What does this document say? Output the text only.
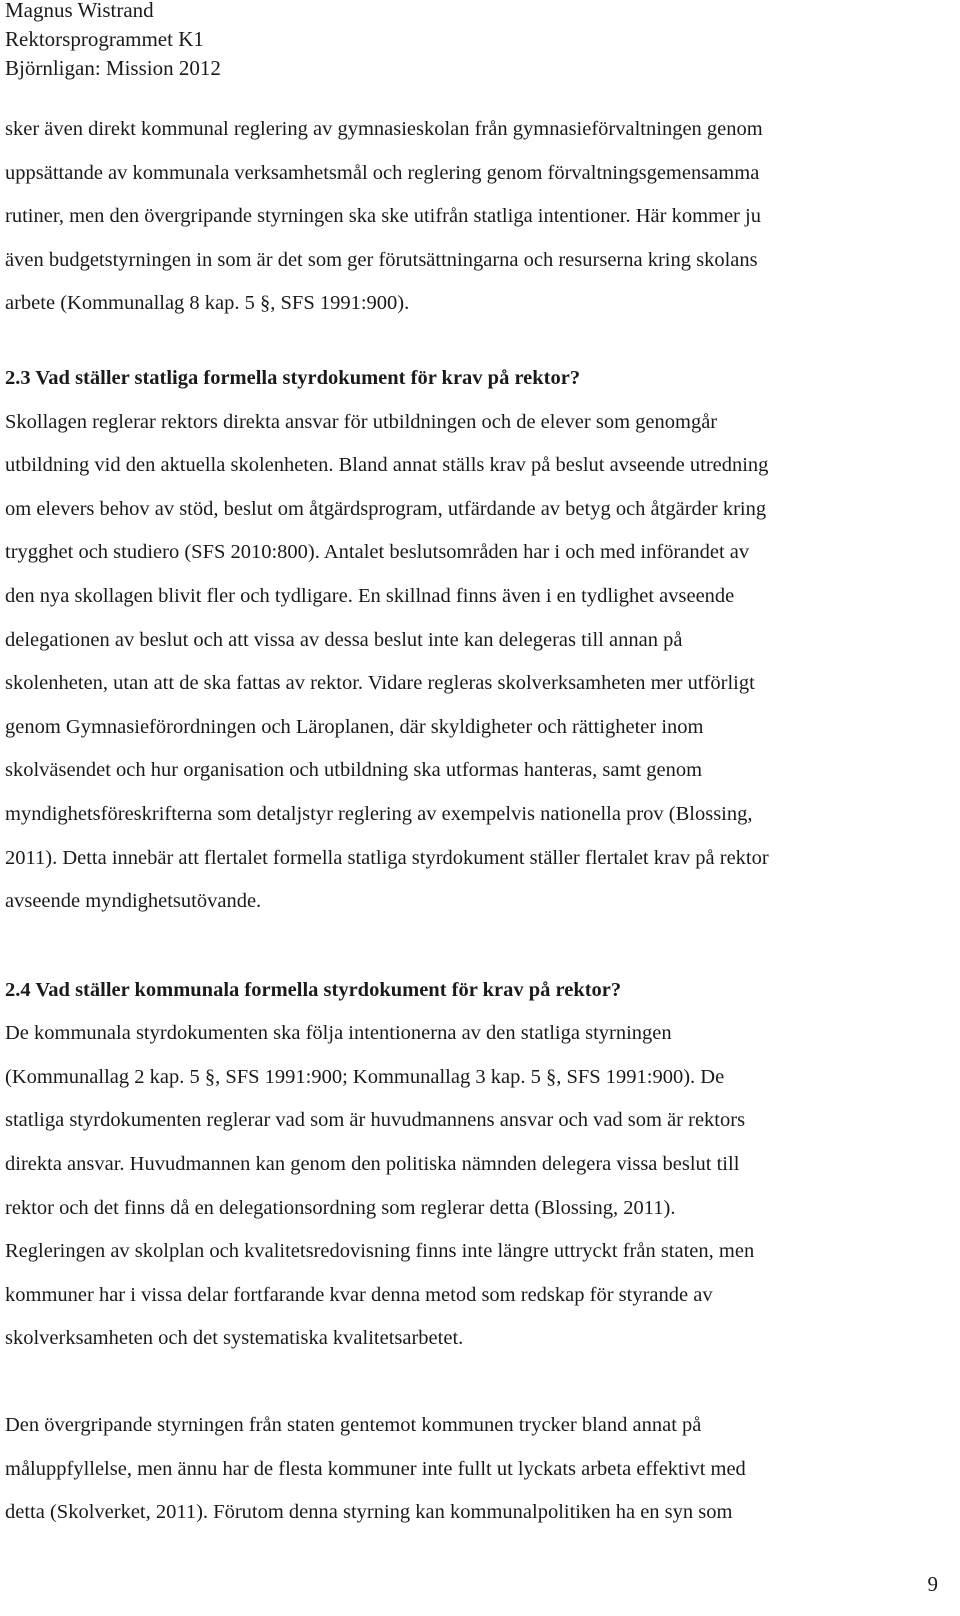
Magnus Wistrand
Rektorsprogrammet K1
Björnligan: Mission 2012

sker även direkt kommunal reglering av gymnasieskolan från gymnasieförvaltningen genom
uppsättande av kommunala verksamhetsmål och reglering genom förvaltningsgemensamma
rutiner, men den övergripande styrningen ska ske utifrån statliga intentioner. Här kommer ju
även budgetstyrningen in som är det som ger förutsättningarna och resurserna kring skolans
arbete (Kommunallag 8 kap. 5 §, SFS 1991:900).

2.3 Vad ställer statliga formella styrdokument för krav på rektor?

Skollagen reglerar rektors direkta ansvar för utbildningen och de elever som genomgår
utbildning vid den aktuella skolenheten. Bland annat ställs krav på beslut avseende utredning
om elevers behov av stöd, beslut om åtgärdsprogram, utfärdande av betyg och åtgärder kring
trygghet och studiero (SFS 2010:800). Antalet beslutsområden har i och med införandet av
den nya skollagen blivit fler och tydligare. En skillnad finns även i en tydlighet avseende
delegationen av beslut och att vissa av dessa beslut inte kan delegeras till annan på
skolenheten, utan att de ska fattas av rektor. Vidare regleras skolverksamheten mer utförligt
genom Gymnasieförordningen och Läroplanen, där skyldigheter och rättigheter inom
skolväsendet och hur organisation och utbildning ska utformas hanteras, samt genom
myndighetsföreskrifterna som detaljstyr reglering av exempelvis nationella prov (Blossing,
2011). Detta innebär att flertalet formella statliga styrdokument ställer flertalet krav på rektor
avseende myndighetsutövande.

2.4 Vad ställer kommunala formella styrdokument för krav på rektor?

De kommunala styrdokumenten ska följa intentionerna av den statliga styrningen
(Kommunallag 2 kap. 5 §, SFS 1991:900; Kommunallag 3 kap. 5 §, SFS 1991:900). De
statliga styrdokumenten reglerar vad som är huvudmannens ansvar och vad som är rektors
direkta ansvar. Huvudmannen kan genom den politiska nämnden delegera vissa beslut till
rektor och det finns då en delegationsordning som reglerar detta (Blossing, 2011).
Regleringen av skolplan och kvalitetsredovisning finns inte längre uttryckt från staten, men
kommuner har i vissa delar fortfarande kvar denna metod som redskap för styrande av
skolverksamheten och det systematiska kvalitetsarbetet.

Den övergripande styrningen från staten gentemot kommunen trycker bland annat på
måluppfyllelse, men ännu har de flesta kommuner inte fullt ut lyckats arbeta effektivt med
detta (Skolverket, 2011). Förutom denna styrning kan kommunalpolitiken ha en syn som

9
